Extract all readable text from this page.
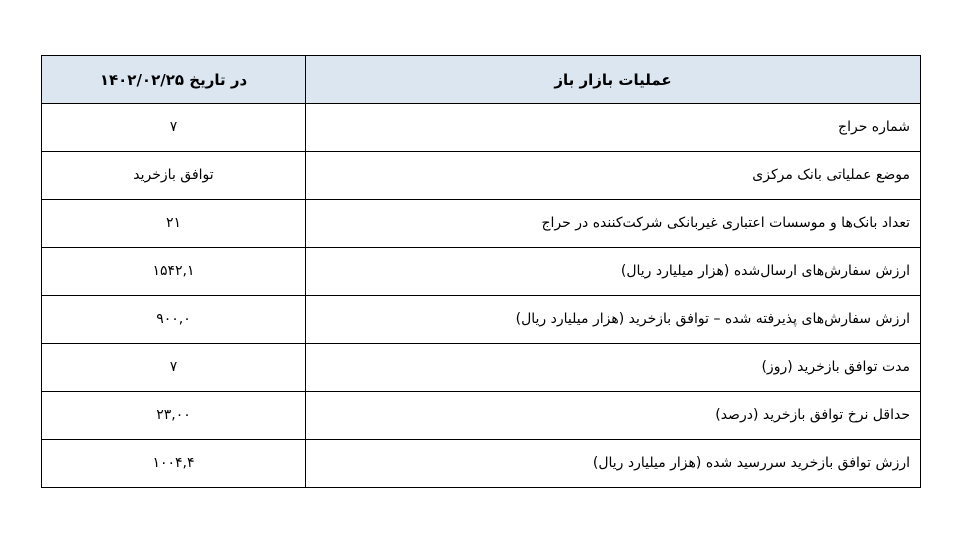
عملیات بازار باز	در تاریخ ۱۴۰۲/۰۲/۲۵
شماره حراج	۷
موضع عملیاتی بانک مرکزی	توافق بازخرید
تعداد بانک‌ها و موسسات اعتباری غیربانکی شرکت‌کننده در حراج	۲۱
ارزش سفارش‌های ارسال‌شده (هزار میلیارد ریال)	۱۵۴۲,۱
ارزش سفارش‌های پذیرفته شده – توافق بازخرید (هزار میلیارد ریال)	۹۰۰,۰
مدت توافق بازخرید (روز)	۷
حداقل نرخ توافق بازخرید (درصد)	۲۳,۰۰
ارزش توافق بازخرید سررسید شده (هزار میلیارد ریال)	۱۰۰۴,۴
